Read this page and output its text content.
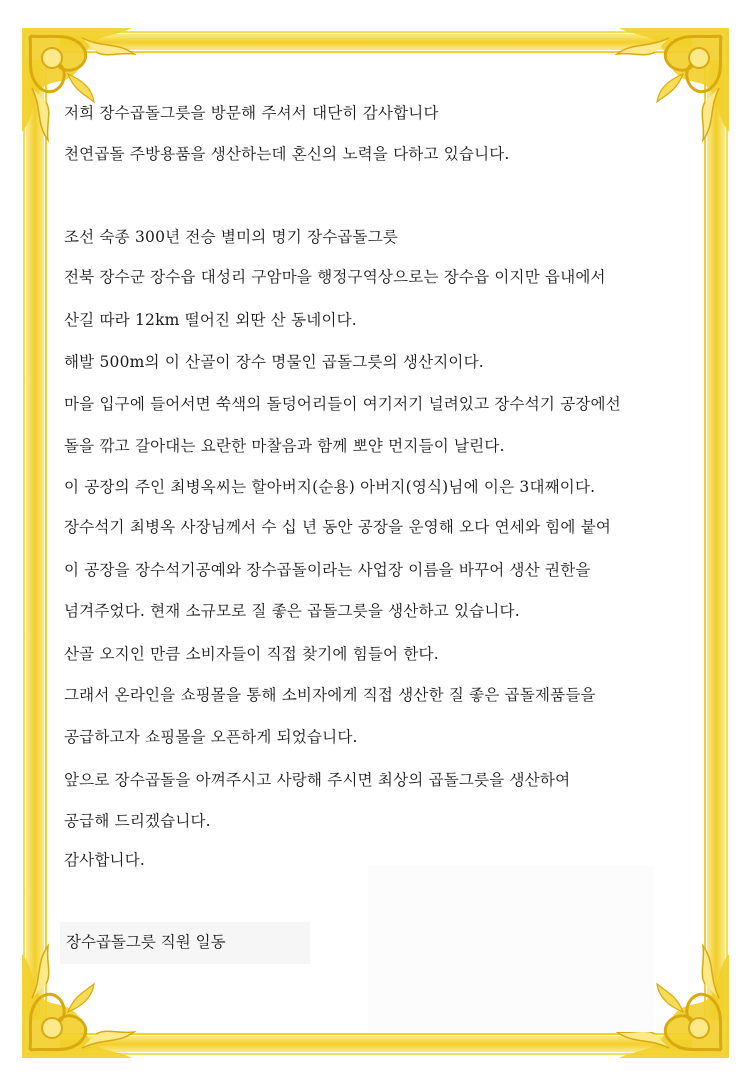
저희 장수곱돌그릇을 방문해 주셔서 대단히 감사합니다
천연곱돌 주방용품을 생산하는데 혼신의 노력을 다하고 있습니다.
조선 숙종 300년 전승 별미의 명기 장수곱돌그릇
전북 장수군 장수읍 대성리 구암마을 행정구역상으로는 장수읍 이지만 읍내에서
산길 따라 12km 떨어진 외딴 산 동네이다.
해발 500m의 이 산골이 장수 명물인 곱돌그릇의 생산지이다.
마을 입구에 들어서면 쑥색의 돌덩어리들이 여기저기 널려있고 장수석기 공장에선
돌을 깎고 갈아대는 요란한 마찰음과 함께 뽀얀 먼지들이 날린다.
이 공장의 주인 최병옥씨는 할아버지(순용) 아버지(영식)님에 이은 3대째이다.
장수석기 최병옥 사장님께서 수 십 년 동안 공장을 운영해 오다 연세와 힘에 붙여
이 공장을 장수석기공예와 장수곱돌이라는 사업장 이름을 바꾸어 생산 권한을
넘겨주었다. 현재 소규모로 질 좋은 곱돌그릇을 생산하고 있습니다.
산골 오지인 만큼 소비자들이 직접 찾기에 힘들어 한다.
그래서 온라인을 쇼핑몰을 통해 소비자에게 직접 생산한 질 좋은 곱돌제품들을
공급하고자 쇼핑몰을 오픈하게 되었습니다.
앞으로 장수곱돌을 아껴주시고 사랑해 주시면 최상의 곱돌그릇을 생산하여
공급해 드리겠습니다.
감사합니다.
장수곱돌그릇 직원 일동
